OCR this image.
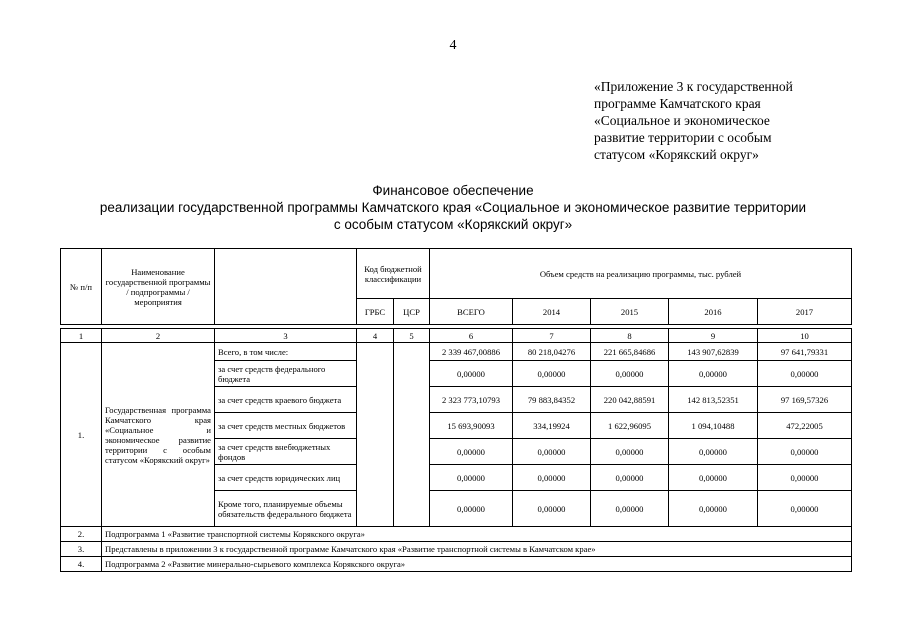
4
«Приложение 3 к государственной
программе Камчатского края
«Социальное и экономическое
развитие территории с особым
статусом «Корякский округ»
Финансовое обеспечение
реализации государственной программы Камчатского края «Социальное и экономическое развитие территории
с особым статусом «Корякский округ»
№ п/п	Наименование государственной программы / подпрограммы / мероприятия		Код бюджетной классификации		Объем средств на реализацию программы, тыс. рублей				
			ГРБС	ЦСР	ВСЕГО	2014	2015	2016	2017
1	2	3	4	5	6	7	8	9	10
1.	Государственная программа Камчатского края «Социальное и экономическое развитие территории с особым статусом «Корякский округ»	Всего, в том числе:			2 339 467,00886	80 218,04276	221 665,84686	143 907,62839	97 641,79331
		за счет средств федерального бюджета			0,00000	0,00000	0,00000	0,00000	0,00000
		за счет средств краевого бюджета			2 323 773,10793	79 883,84352	220 042,88591	142 813,52351	97 169,57326
		за счет средств местных бюджетов			15 693,90093	334,19924	1 622,96095	1 094,10488	472,22005
		за счет средств внебюджетных фондов			0,00000	0,00000	0,00000	0,00000	0,00000
		за счет средств юридических лиц			0,00000	0,00000	0,00000	0,00000	0,00000
		Кроме того, планируемые объемы обязательств федерального бюджета			0,00000	0,00000	0,00000	0,00000	0,00000
2.	Подпрограмма 1 «Развитие транспортной системы Корякского округа»								
3.	Представлены в приложении 3 к государственной программе Камчатского края «Развитие транспортной системы в Камчатском крае»								
4.	Подпрограмма 2 «Развитие минерально-сырьевого комплекса Корякского округа»								
